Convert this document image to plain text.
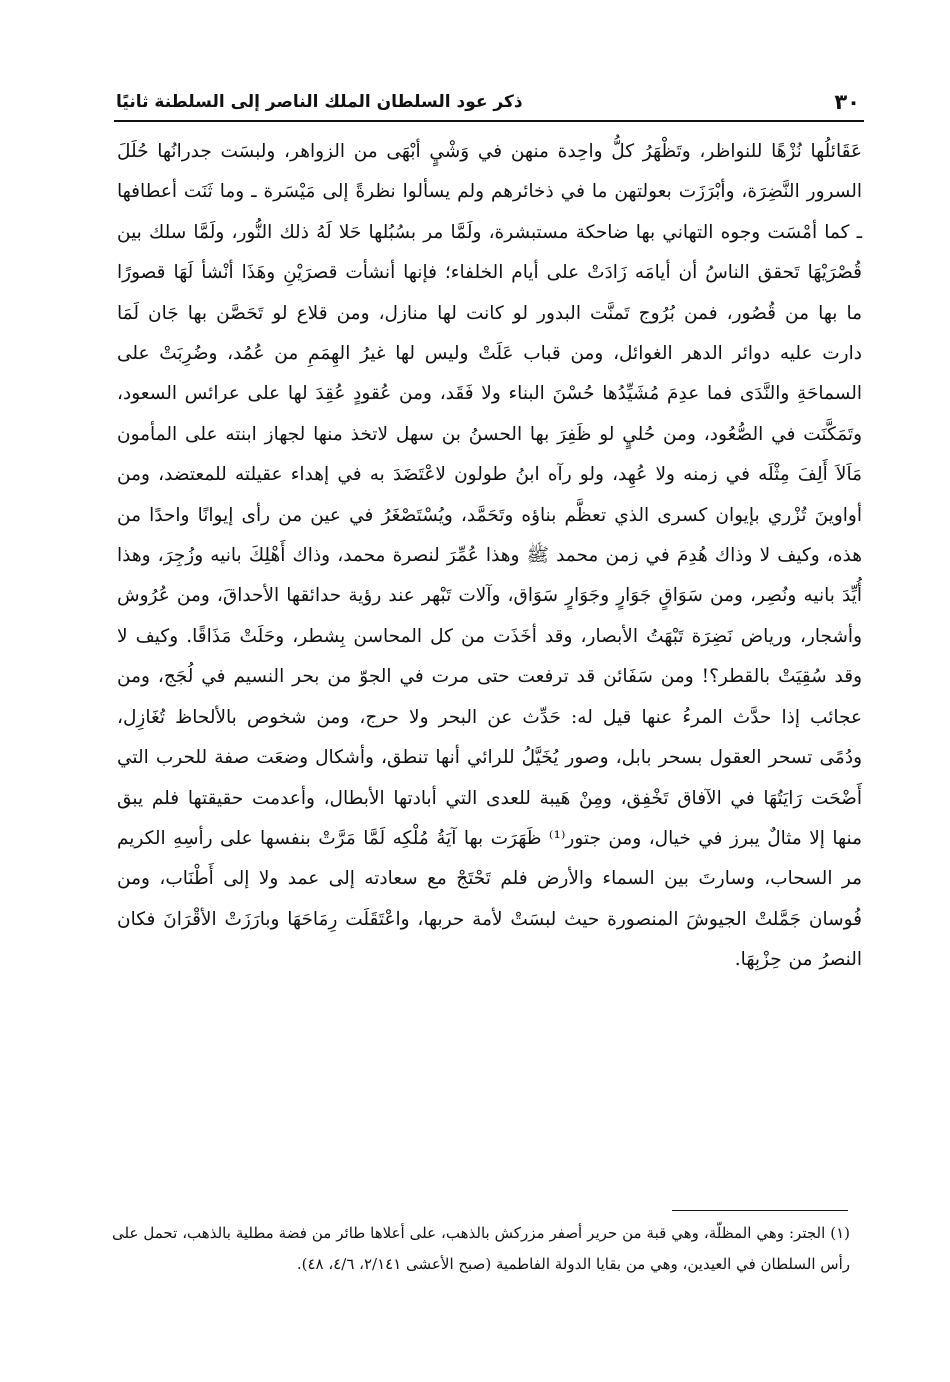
٣٠
ذكر عود السلطان الملك الناصر إلى السلطنة ثانيًا

عَقَائلُها نُزْهًا للنواظر، وتَظْهَرُ كلُّ واحِدة منهن في وَشْيٍ أبْهَى من الزواهر، ولبسَت جدرانُها حُلَلَ السرور النَّضِرَة، وأبْرَزَت بعولتهن ما في ذخائرهم ولم يسألوا نظرةً إلى مَيْسَرة ـ وما ثَنَت أعطافها ـ كما أمْسَت وجوه التهاني بها ضاحكة مستبشرة، ولَمَّا مر بسُبُلها حَلا لَهُ ذلك النُّور، ولَمَّا سلك بين قُصْرَيْهَا تَحقق الناسُ أن أيامَه زَادَتْ على أيام الخلفاء؛ فإنها أنشأت قصرَيْنِ وهَذَا أنْشأ لَهَا قصورًا ما بها من قُصُور، فمن بُرُوج تَمنَّت البدور لو كانت لها منازل، ومن قلاع لو تَحَصَّن بها جَان لَمَا دارت عليه دوائر الدهر الغوائل، ومن قباب عَلَتْ وليس لها غيرُ الهِمَمِ من عُمُد، وضُرِبَتْ على السماحَةِ والنَّدَى فما عدِمَ مُشَيِّدُها حُسْنَ البناء ولا فَقَد، ومن عُقودٍ عُقِدَ لها على عرائس السعود، وتَمَكَّنَت في الصُّعُود، ومن حُليٍ لو ظَفِرَ بها الحسنُ بن سهل لاتخذ منها لجهاز ابنته على المأمون مَاَلاَ أَلِفَ مِثْلَه في زمنه ولا عُهِد، ولو رآه ابنُ طولون لاعْتَضَدَ به في إهداء عقيلته للمعتضد، ومن أواوينَ تُزْري بإيوان كسرى الذي تعظَّم بناؤه وتَحَمَّد، ويُسْتَصْغَرُ في عين من رأى إيوانًا واحدًا من هذه، وكيف لا وذاك هُدِمَ في زمن محمد ﷺ وهذا عُمِّرَ لنصرة محمد، وذاك أَهْلِكَ بانيه وزُجِرَ، وهذا أُيِّدَ بانيه ونُصِر، ومن سَوَاقٍ جَوَارٍ وجَوَارٍ سَوَاق، وآلات تَبْهر عند رؤية حدائقها الأحداقَ، ومن عُرُوش وأشجار، ورياض نَضِرَة تَبْهَتُ الأبصار، وقد أخَذَت من كل المحاسن بِشطر، وحَلَتْ مَذَاقًا. وكيف لا وقد سُقِيَتْ بالقطر؟! ومن سَفَائن قد ترفعت حتى مرت في الجوّ من بحر النسيم في لُجَج، ومن عجائب إذا حدَّث المرءُ عنها قيل له: حَدِّث عن البحر ولا حرج، ومن شخوص بالألحاظ تُغَازِل، ودُمًى تسحر العقول بسحر بابل، وصور يُخَيَّلُ للرائي أنها تنطق، وأشكال وضعَت صفة للحرب التي أَضْحَت رَايَتُهَا في الآفاق تَخْفِق، ومِنْ هَيبة للعدى التي أبادتها الأبطال، وأعدمت حقيقتها فلم يبق منها إلا مثالٌ يبرز في خيال، ومن جتور⁽¹⁾ ظَهَرَت بها آيَةُ مُلْكِه لَمَّا مَرَّتْ بنفسها على رأسِهِ الكريم مر السحاب، وسارتَ بين السماء والأرض فلم تَحْتَجْ مع سعادته إلى عمد ولا إلى أَطْنَاب، ومن فُوسان جَمَّلتْ الجيوشَ المنصورة حيث لبسَتْ لأمة حربها، واعْتَقَلَت رِمَاحَهَا وبارَزَتْ الأقْرَانَ فكان النصرُ من حِزْبِهَا.

(١) الجتر: وهي المظلّة، وهي قبة من حرير أصفر مزركش بالذهب، على أعلاها طائر من فضة مطلية بالذهب، تحمل على رأس السلطان في العيدين، وهي من بقايا الدولة الفاطمية (صبح الأعشى ٢/١٤١، ٤/٦، ٤٨).
